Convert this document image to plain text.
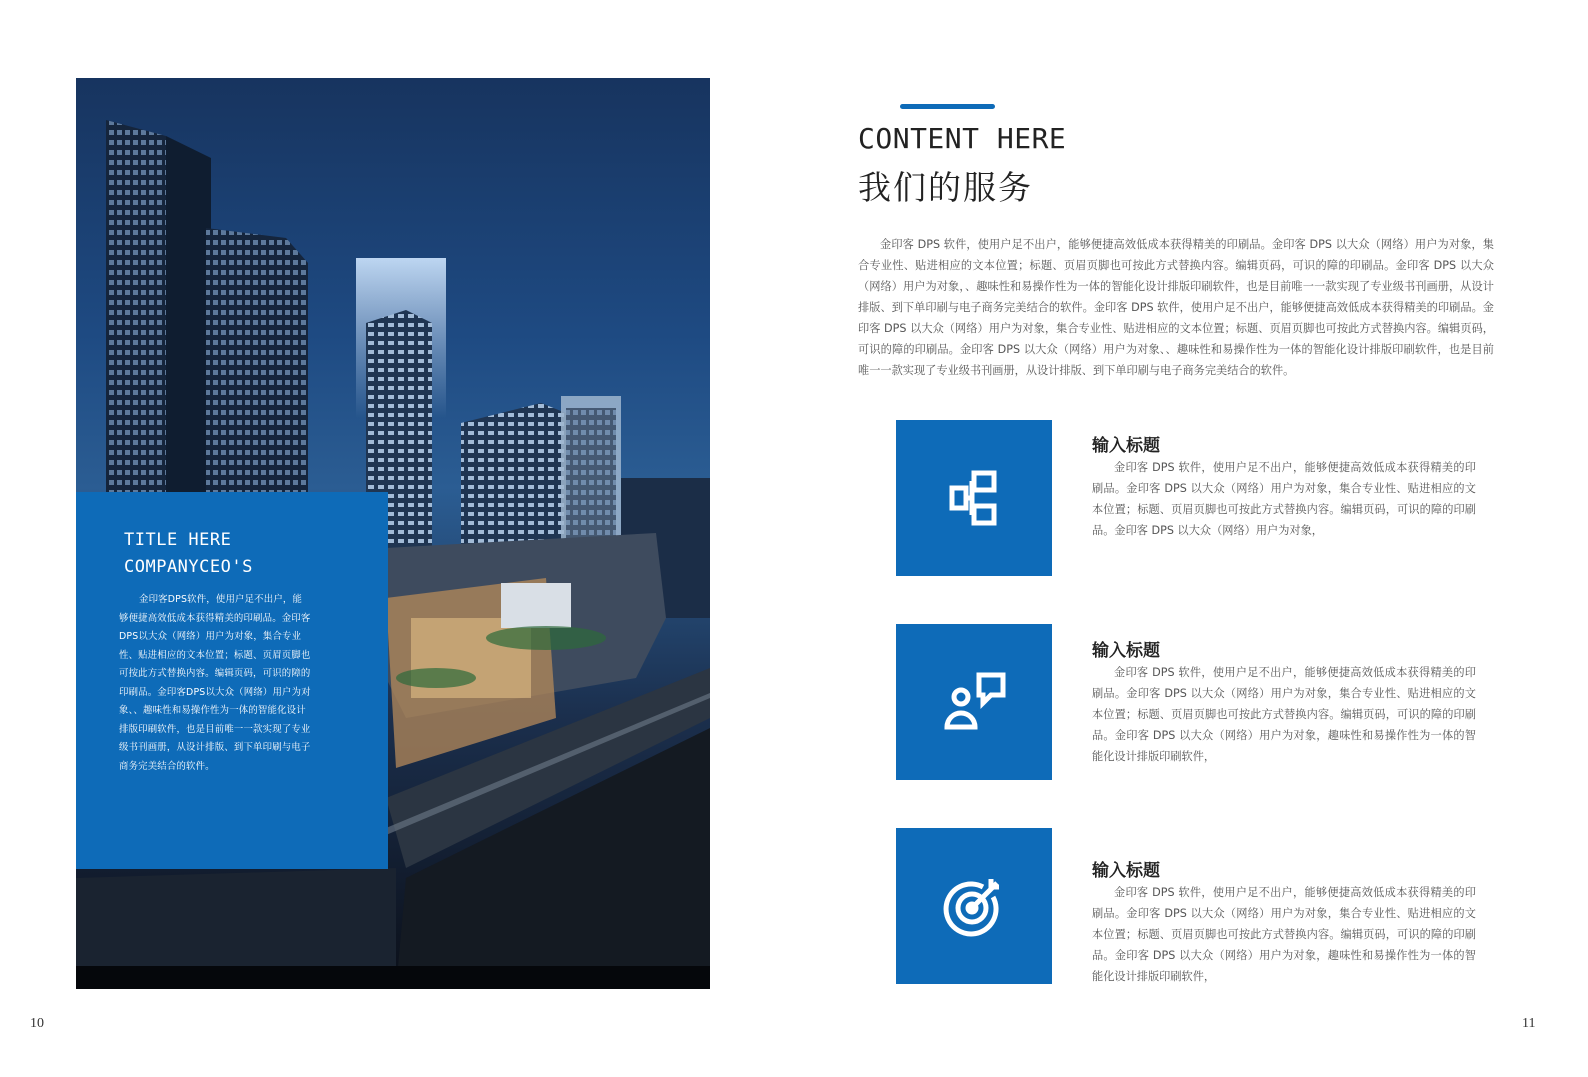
TITLE HERE
COMPANYCEO'S
金印客DPS软件，使用户足不出户，能够便捷高效低成本获得精美的印刷品。金印客DPS以大众（网络）用户为对象，集合专业性、贴进相应的文本位置；标题、页眉页脚也可按此方式替换内容。编辑页码，可识的障的印刷品。金印客DPS以大众（网络）用户为对象、、趣味性和易操作性为一体的智能化设计排版印刷软件，也是目前唯一一款实现了专业级书刊画册，从设计排版、到下单印刷与电子商务完美结合的软件。
10
CONTENT HERE
我们的服务
金印客 DPS 软件，使用户足不出户，能够便捷高效低成本获得精美的印刷品。金印客 DPS 以大众（网络）用户为对象，集合专业性、贴进相应的文本位置；标题、页眉页脚也可按此方式替换内容。编辑页码，可识的障的印刷品。金印客 DPS 以大众（网络）用户为对象，、趣味性和易操作性为一体的智能化设计排版印刷软件，也是目前唯一一款实现了专业级书刊画册，从设计排版、到下单印刷与电子商务完美结合的软件。金印客 DPS 软件，使用户足不出户，能够便捷高效低成本获得精美的印刷品。金印客 DPS 以大众（网络）用户为对象，集合专业性、贴进相应的文本位置；标题、页眉页脚也可按此方式替换内容。编辑页码，可识的障的印刷品。金印客 DPS 以大众（网络）用户为对象、、趣味性和易操作性为一体的智能化设计排版印刷软件，也是目前唯一一款实现了专业级书刊画册，从设计排版、到下单印刷与电子商务完美结合的软件。
输入标题
金印客 DPS 软件，使用户足不出户，能够便捷高效低成本获得精美的印刷品。金印客 DPS 以大众（网络）用户为对象，集合专业性、贴进相应的文本位置；标题、页眉页脚也可按此方式替换内容。编辑页码，可识的障的印刷品。金印客 DPS 以大众（网络）用户为对象，
输入标题
金印客 DPS 软件，使用户足不出户，能够便捷高效低成本获得精美的印刷品。金印客 DPS 以大众（网络）用户为对象，集合专业性、贴进相应的文本位置；标题、页眉页脚也可按此方式替换内容。编辑页码，可识的障的印刷品。金印客 DPS 以大众（网络）用户为对象，趣味性和易操作性为一体的智能化设计排版印刷软件，
输入标题
金印客 DPS 软件，使用户足不出户，能够便捷高效低成本获得精美的印刷品。金印客 DPS 以大众（网络）用户为对象，集合专业性、贴进相应的文本位置；标题、页眉页脚也可按此方式替换内容。编辑页码，可识的障的印刷品。金印客 DPS 以大众（网络）用户为对象，趣味性和易操作性为一体的智能化设计排版印刷软件，
11
